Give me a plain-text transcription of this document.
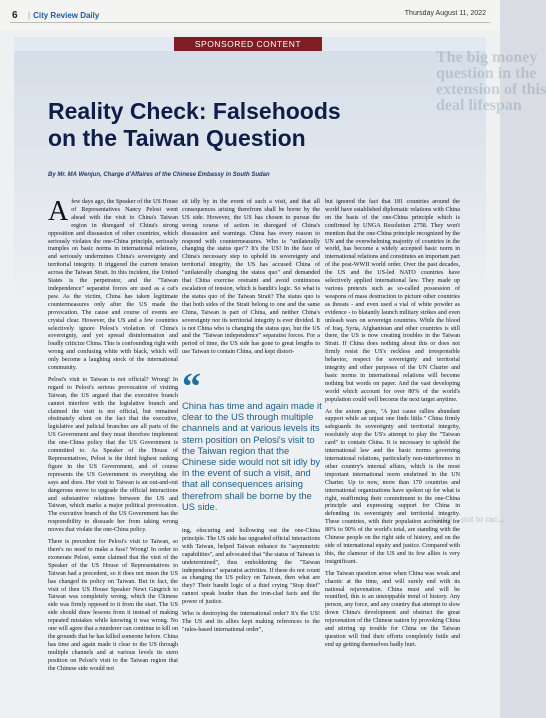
6 | City Review Daily	Thursday August 11, 2022
SPONSORED CONTENT
The big money
question in the
extension of this
deal lifespan
Abdel... put to rac...
Reality Check: Falsehoods
on the Taiwan Question
By Mr. MA Wenjun, Charge d'Affaires of the Chinese Embassy in South Sudan

Afew days ago, the Speaker of the US House of Representatives Nancy Pelosi went ahead with the visit to China's Taiwan region in disregard of China's strong opposition and dissuasion of other countries, which seriously violates the one-China principle, seriously tramples on basic norms in international relations, and seriously undermines China's sovereignty and territorial integrity. It triggered the current tension across the Taiwan Strait. In this incident, the United States is the perpetrator, and the "Taiwan independence" separatist forces are used as a cat's paw. As the victim, China has taken legitimate countermeasures only after the US made the provocation. The cause and course of events are crystal clear. However, the US and a few countries selectively ignore Pelosi's violation of China's sovereignty, and yet spread disinformation and loudly criticize China. This is confounding right with wrong and confusing white with black, which will only become a laughing stock of the international community.

Pelosi's visit to Taiwan is not official? Wrong! In regard to Pelosi's serious provocation of visiting Taiwan, the US argued that the executive branch cannot interfere with the legislative branch and claimed the visit is not official, but remained obstinately silent on the fact that the executive, legislative and judicial branches are all parts of the US Government and they must therefore implement the one-China policy that the US Government is committed to. As Speaker of the House of Representatives, Pelosi is the third highest ranking figure in the US Government, and of course represents the US Government in everything she says and does. Her visit to Taiwan is an out-and-out dangerous move to upgrade the official interactions and substantive relations between the US and Taiwan, which marks a major political provocation. The executive branch of the US Government has the responsibility to dissuade her from taking wrong moves that violate the one-China policy.

There is precedent for Pelosi's visit to Taiwan, so there's no need to make a fuss? Wrong! In order to exonerate Pelosi, some claimed that the visit of the Speaker of the US House of Representatives to Taiwan had a precedent, so it does not mean the US has changed its policy on Taiwan. But in fact, the visit of then US House Speaker Newt Gingrich to Taiwan was completely wrong, which the Chinese side was firmly opposed to it from the start. The US side should draw lessons from it instead of making repeated mistakes while knowing it was wrong. No one will agree that a murderer can continue to kill on the grounds that he has killed someone before. China has time and again made it clear to the US through multiple channels and at various levels its stern position on Pelosi's visit to the Taiwan region that the Chinese side would not

sit idly by in the event of such a visit, and that all consequences arising therefrom shall be borne by the US side. However, the US has chosen to pursue the wrong course of action in disregard of China's dissuasion and warnings. China has every reason to respond with countermeasures. Who is "unilaterally changing the status quo"? It's the US! In the face of China's necessary step to uphold its sovereignty and territorial integrity, the US has accused China of "unilaterally changing the status quo" and demanded that China exercise restraint and avoid continuous escalation of tension, which is bandit's logic. So what is the status quo of the Taiwan Strait? The status quo is that both sides of the Strait belong to one and the same China, Taiwan is part of China, and neither China's sovereignty nor its territorial integrity is ever divided. It is not China who is changing the status quo, but the US and the "Taiwan independence" separatist forces. For a period of time, the US side has gone to great lengths to use Taiwan to contain China, and kept distort-

“
China has time and again made it clear to the US through multiple channels and at various levels its stern position on Pelosi's visit to the Taiwan region that the Chinese side would not sit idly by in the event of such a visit, and that all consequences arising therefrom shall be borne by the US side.

ing, obscuring and hollowing out the one-China principle. The US side has upgraded official interactions with Taiwan, helped Taiwan enhance its "asymmetric capabilities", and advocated that "the status of Taiwan is undetermined", thus emboldening the "Taiwan independence" separatist activities. If these do not count as changing the US policy on Taiwan, then what are they? Their bandit logic of a thief crying "Stop thief" cannot speak louder than the iron-clad facts and the power of justice.

Who is destroying the international order? It's the US! The US and its allies kept making references to the "rules-based international order",

but ignored the fact that 181 countries around the world have established diplomatic relations with China on the basis of the one-China principle which is confirmed by UNGA Resolution 2758. They won't mention that the one-China principle recognized by the UN and the overwhelming majority of countries in the world, has become a widely accepted basic norm in international relations and constitutes an important part of the post-WWII world order. Over the past decades, the US and the US-led NATO countries have selectively applied international law. They made up various pretexts such as so-called possession of weapons of mass destruction to picture other countries as threats - and even used a vial of white powder as evidence - to blatantly launch military strikes and even unleash wars on sovereign countries. While the blood of Iraq, Syria, Afghanistan and other countries is still there, the US is now creating troubles in the Taiwan Strait. If China does nothing about this or does not firmly resist the US's reckless and irresponsible behavior, respect for sovereignty and territorial integrity and other purposes of the UN Charter and basic norms in international relations will become nothing but words on paper. And the vast developing world which account for over 80% of the world's population could well become the next target anytime.

As the axiom goes, "A just cause rallies abundant support while an unjust one finds little." China firmly safeguards its sovereignty and territorial integrity, resolutely stop the US's attempt to play the "Taiwan card" to contain China. It is necessary to uphold the international law and the basic norms governing international relations, particularly non-interference in other country's internal affairs, which is the most important international norm enshrined in the UN Charter. Up to now, more than 170 countries and international organizations have spoken up for what is right, reaffirming their commitment to the one-China principle and expressing support for China in defending its sovereignty and territorial integrity. These countries, with their population accounting for 80% to 90% of the world's total, are standing with the Chinese people on the right side of history, and on the side of international equity and justice. Compared with this, the clamour of the US and its few allies is very insignificant.

The Taiwan question arose when China was weak and chaotic at the time, and will surely end with its national rejuvenation. China must and will be reunified, this is an unstoppable trend of history. Any person, any force, and any country that attempt to slow down China's development and obstruct the great rejuvenation of the Chinese nation by provoking China and stirring up trouble for China on the Taiwan question will find their efforts completely futile and end up getting themselves badly hurt.
